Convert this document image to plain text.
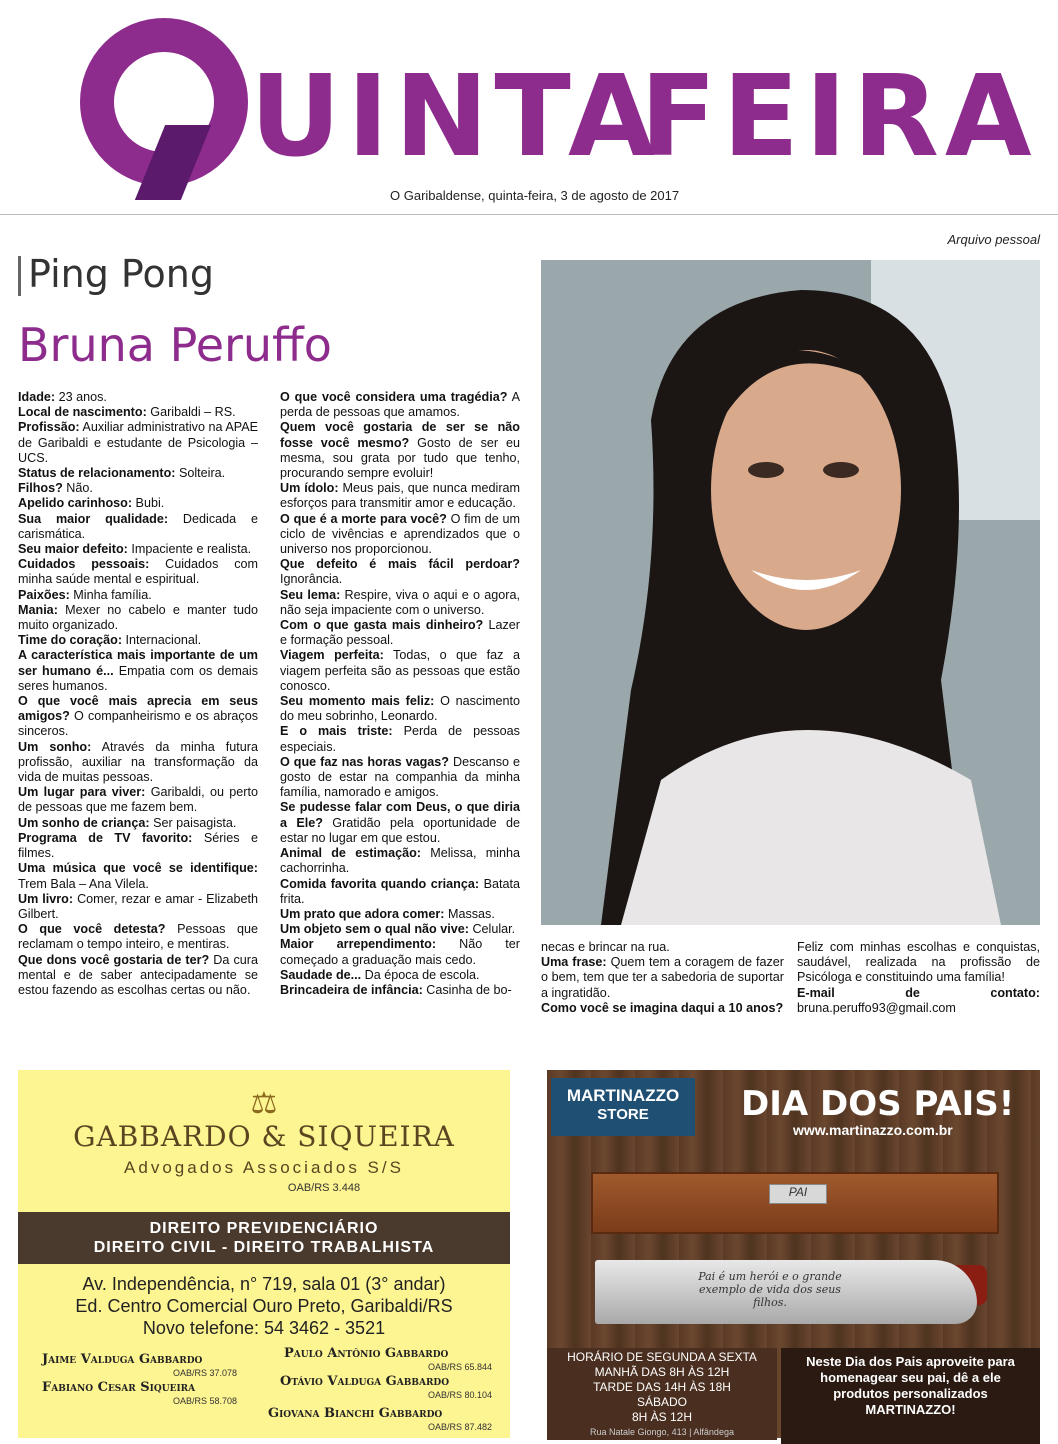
UINTA
FEIRA
O Garibaldense, quinta-feira, 3 de agosto de 2017
Arquivo pessoal
Ping Pong
Bruna Peruffo

Idade: 23 anos.

Local de nascimento: Garibaldi – RS.

Profissão: Auxiliar administrativo na APAE de Garibaldi e estudante de Psicologia – UCS.

Status de relacionamento: Solteira.

Filhos? Não.

Apelido carinhoso: Bubi.

Sua maior qualidade: Dedicada e carismática.

Seu maior defeito: Impaciente e realista.

Cuidados pessoais: Cuidados com minha saúde mental e espiritual.

Paixões: Minha família.

Mania: Mexer no cabelo e manter tudo muito organizado.

Time do coração: Internacional.

A característica mais importante de um ser humano é... Empatia com os demais seres humanos.

O que você mais aprecia em seus amigos? O companheirismo e os abraços sinceros.

Um sonho: Através da minha futura profissão, auxiliar na transformação da vida de muitas pessoas.

Um lugar para viver: Garibaldi, ou perto de pessoas que me fazem bem.

Um sonho de criança: Ser paisagista.

Programa de TV favorito: Séries e filmes.

Uma música que você se identifique: Trem Bala – Ana Vilela.

Um livro: Comer, rezar e amar - Elizabeth Gilbert.

O que você detesta? Pessoas que reclamam o tempo inteiro, e mentiras.

Que dons você gostaria de ter? Da cura mental e de saber antecipadamente se estou fazendo as escolhas certas ou não.

O que você considera uma tragédia? A perda de pessoas que amamos.

Quem você gostaria de ser se não fosse você mesmo? Gosto de ser eu mesma, sou grata por tudo que tenho, procurando sempre evoluir!

Um ídolo: Meus pais, que nunca mediram esforços para transmitir amor e educação.

O que é a morte para você? O fim de um ciclo de vivências e aprendizados que o universo nos proporcionou.

Que defeito é mais fácil perdoar? Ignorância.

Seu lema: Respire, viva o aqui e o agora, não seja impaciente com o universo.

Com o que gasta mais dinheiro? Lazer e formação pessoal.

Viagem perfeita: Todas, o que faz a viagem perfeita são as pessoas que estão conosco.

Seu momento mais feliz: O nascimento do meu sobrinho, Leonardo.

E o mais triste: Perda de pessoas especiais.

O que faz nas horas vagas? Descanso e gosto de estar na companhia da minha família, namorado e amigos.

Se pudesse falar com Deus, o que diria a Ele? Gratidão pela oportunidade de estar no lugar em que estou.

Animal de estimação: Melissa, minha cachorrinha.

Comida favorita quando criança: Batata frita.

Um prato que adora comer: Massas.

Um objeto sem o qual não vive: Celular.

Maior arrependimento: Não ter começado a graduação mais cedo.

Saudade de... Da época de escola.

Brincadeira de infância: Casinha de bo-

necas e brincar na rua.

Uma frase: Quem tem a coragem de fazer o bem, tem que ter a sabedoria de suportar a ingratidão.

Como você se imagina daqui a 10 anos?

Feliz com minhas escolhas e conquistas, saudável, realizada na profissão de Psicóloga e constituindo uma família!

E-mail de contato: bruna.peruffo93@gmail.com

⚖
GABBARDO & SIQUEIRA
Advogados Associados S/S
OAB/RS 3.448
DIREITO PREVIDENCIÁRIO
DIREITO CIVIL - DIREITO TRABALHISTA
Av. Independência, n° 719, sala 01 (3° andar)
Ed. Centro Comercial Ouro Preto, Garibaldi/RS
Novo telefone: 54 3462 - 3521
Jaime Valduga Gabbardo
OAB/RS 37.078
Paulo Antônio Gabbardo
OAB/RS 65.844
Fabiano Cesar Siqueira
OAB/RS 58.708
Otávio Valduga Gabbardo
OAB/RS 80.104
Giovana Bianchi Gabbardo
OAB/RS 87.482
MARTINAZZO
STORE	DIA DOS PAIS!
www.martinazzo.com.br
PAI
Pai é um herói e o grande exemplo de vida dos seus filhos.
HORÁRIO DE SEGUNDA A SEXTA
MANHÃ DAS 8H ÀS 12H
TARDE DAS 14H ÀS 18H
SÁBADO
8H ÀS 12H
Rua Natale Giongo, 413 | Alfândega
Neste Dia dos Pais aproveite para
homenagear seu pai, dê a ele
produtos personalizados
MARTINAZZO!
